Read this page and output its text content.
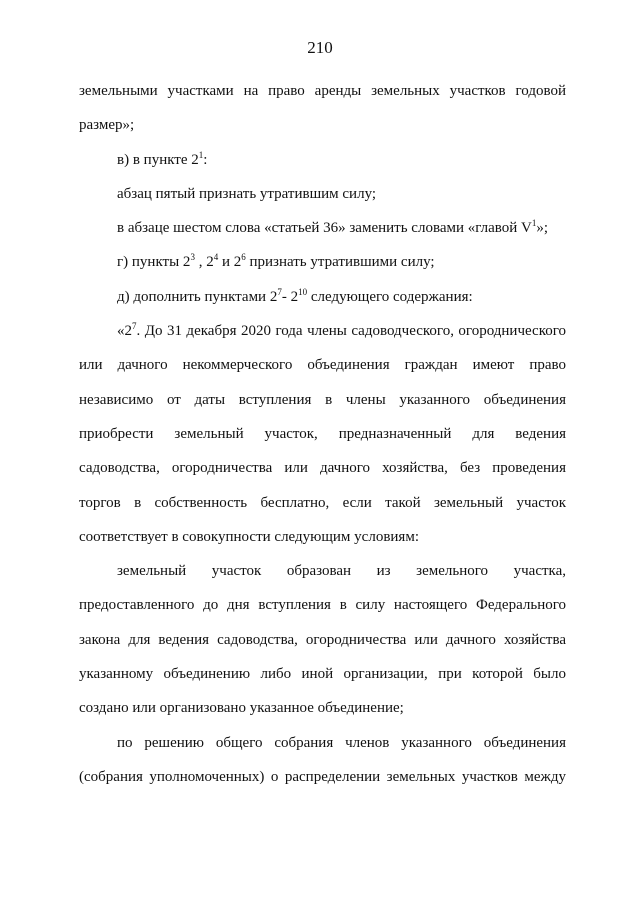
210

земельными участками на право аренды земельных участков годовой
размер»;

в) в пункте $2^1$:

абзац пятый признать утратившим силу;

в абзаце шестом слова «статьей 36» заменить словами «главой $V^1$»;

г) пункты $2^3$ , $2^4$ и $2^6$ признать утратившими силу;

д) дополнить пунктами $2^7-$ $2^{10}$ следующего содержания:

«$2^7$. До 31 декабря 2020 года члены садоводческого, огороднического
или дачного некоммерческого объединения граждан имеют право
независимо от даты вступления в члены указанного объединения
приобрести земельный участок, предназначенный для ведения
садоводства, огородничества или дачного хозяйства, без проведения
торгов в собственность бесплатно, если такой земельный участок
соответствует в совокупности следующим условиям:

земельный участок образован из земельного участка,
предоставленного до дня вступления в силу настоящего Федерального
закона для ведения садоводства, огородничества или дачного хозяйства
указанному объединению либо иной организации, при которой было
создано или организовано указанное объединение;

по решению общего собрания членов указанного объединения
(собрания уполномоченных) о распределении земельных участков между
